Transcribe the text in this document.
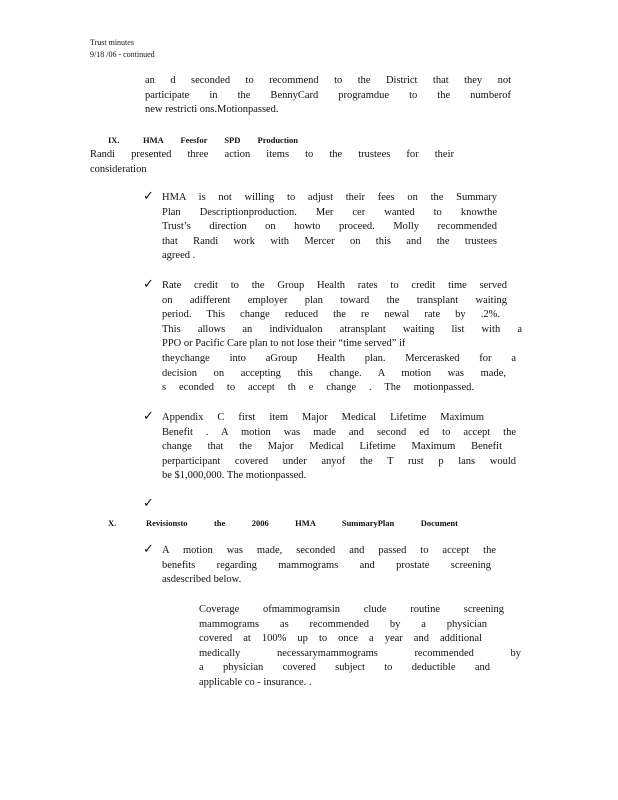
Trust minutes
9/18 /06 - continued
an d seconded to recommend to the District that they not
participate in the BennyCard programdue to the numberof
new restricti ons.Motionpassed.
IX.	HMA Feesfor SPD Production
Randi presented three action items to the trustees for their
consideration
✓ HMA is not willing to adjust their fees on the Summary
Plan Descriptionproduction. Mer cer wanted to knowthe
Trust’s direction on howto proceed. Molly recommended
that Randi work with Mercer on this and the trustees
agreed .
✓ Rate credit to the Group Health rates to credit time served
on adifferent employer plan toward the transplant waiting
period. This change reduced the re newal rate by .2%.
This allows an individualon atransplant waiting list with a
PPO or Pacific Care plan to not lose their “time served” if
theychange into aGroup Health plan. Mercerasked for a
decision on accepting this change. A motion was made,
s econded to accept th e change . The motionpassed.
✓ Appendix C first item Major Medical Lifetime Maximum
Benefit . A motion was made and second ed to accept the
change that the Major Medical Lifetime Maximum Benefit
perparticipant covered under anyof the T rust p lans would
be $1,000,000. The motionpassed.
✓
X.	Revisionsto the 2006 HMA SummaryPlan Document
✓ A motion was made, seconded and passed to accept the
benefits regarding mammograms and prostate screening
asdescribed below.
Coverage ofmammogramsin clude routine screening
mammograms as recommended by a physician
covered at 100% up to once a year and additional
medically necessarymammograms recommended by
a physician covered subject to deductible and
applicable co - insurance. .
